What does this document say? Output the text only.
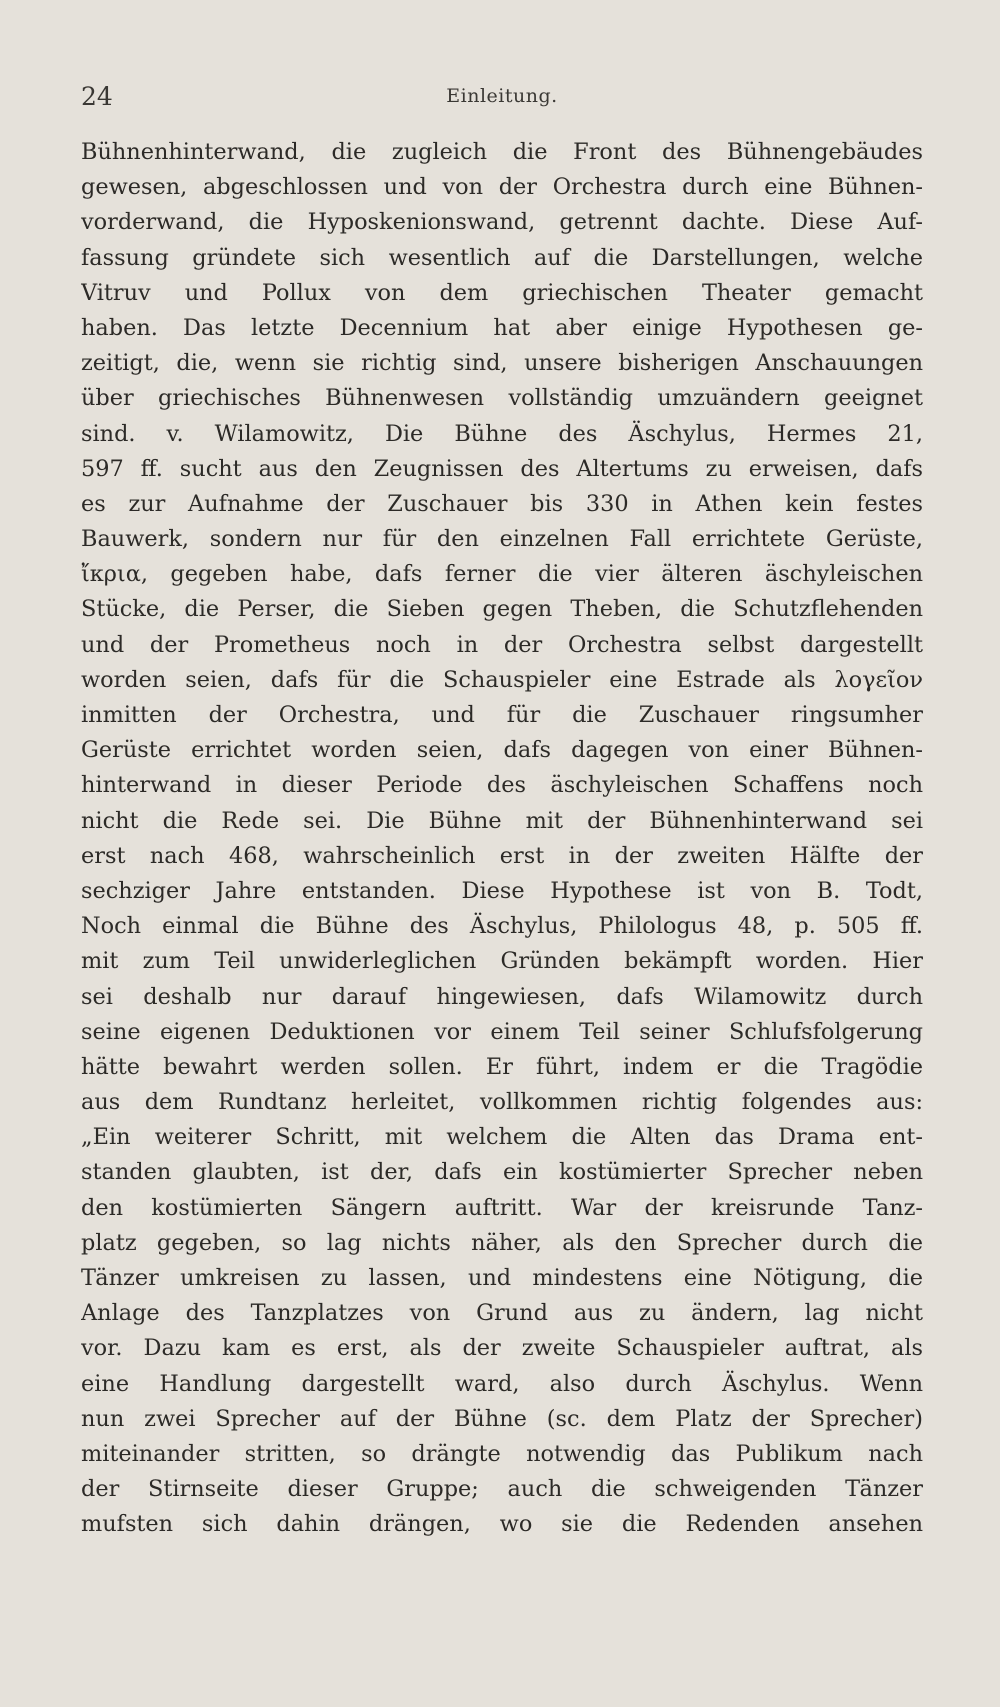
24	Einleitung.
Bühnenhinterwand, die zugleich die Front des Bühnengebäudes
gewesen, abgeschlossen und von der Orchestra durch eine Bühnen-
vorderwand, die Hyposkenionswand, getrennt dachte. Diese Auf-
fassung gründete sich wesentlich auf die Darstellungen, welche
Vitruv und Pollux von dem griechischen Theater gemacht
haben. Das letzte Decennium hat aber einige Hypothesen ge-
zeitigt, die, wenn sie richtig sind, unsere bisherigen Anschauungen
über griechisches Bühnenwesen vollständig umzuändern geeignet
sind. v. Wilamowitz, Die Bühne des Äschylus, Hermes 21,
597 ff. sucht aus den Zeugnissen des Altertums zu erweisen, dafs
es zur Aufnahme der Zuschauer bis 330 in Athen kein festes
Bauwerk, sondern nur für den einzelnen Fall errichtete Gerüste,
ἴκρια, gegeben habe, dafs ferner die vier älteren äschyleischen
Stücke, die Perser, die Sieben gegen Theben, die Schutzflehenden
und der Prometheus noch in der Orchestra selbst dargestellt
worden seien, dafs für die Schauspieler eine Estrade als λογεῖον
inmitten der Orchestra, und für die Zuschauer ringsumher
Gerüste errichtet worden seien, dafs dagegen von einer Bühnen-
hinterwand in dieser Periode des äschyleischen Schaffens noch
nicht die Rede sei. Die Bühne mit der Bühnenhinterwand sei
erst nach 468, wahrscheinlich erst in der zweiten Hälfte der
sechziger Jahre entstanden. Diese Hypothese ist von B. Todt,
Noch einmal die Bühne des Äschylus, Philologus 48, p. 505 ff.
mit zum Teil unwiderleglichen Gründen bekämpft worden. Hier
sei deshalb nur darauf hingewiesen, dafs Wilamowitz durch
seine eigenen Deduktionen vor einem Teil seiner Schlufsfolgerung
hätte bewahrt werden sollen. Er führt, indem er die Tragödie
aus dem Rundtanz herleitet, vollkommen richtig folgendes aus:
„Ein weiterer Schritt, mit welchem die Alten das Drama ent-
standen glaubten, ist der, dafs ein kostümierter Sprecher neben
den kostümierten Sängern auftritt. War der kreisrunde Tanz-
platz gegeben, so lag nichts näher, als den Sprecher durch die
Tänzer umkreisen zu lassen, und mindestens eine Nötigung, die
Anlage des Tanzplatzes von Grund aus zu ändern, lag nicht
vor. Dazu kam es erst, als der zweite Schauspieler auftrat, als
eine Handlung dargestellt ward, also durch Äschylus. Wenn
nun zwei Sprecher auf der Bühne (sc. dem Platz der Sprecher)
miteinander stritten, so drängte notwendig das Publikum nach
der Stirnseite dieser Gruppe; auch die schweigenden Tänzer
mufsten sich dahin drängen, wo sie die Redenden ansehen
